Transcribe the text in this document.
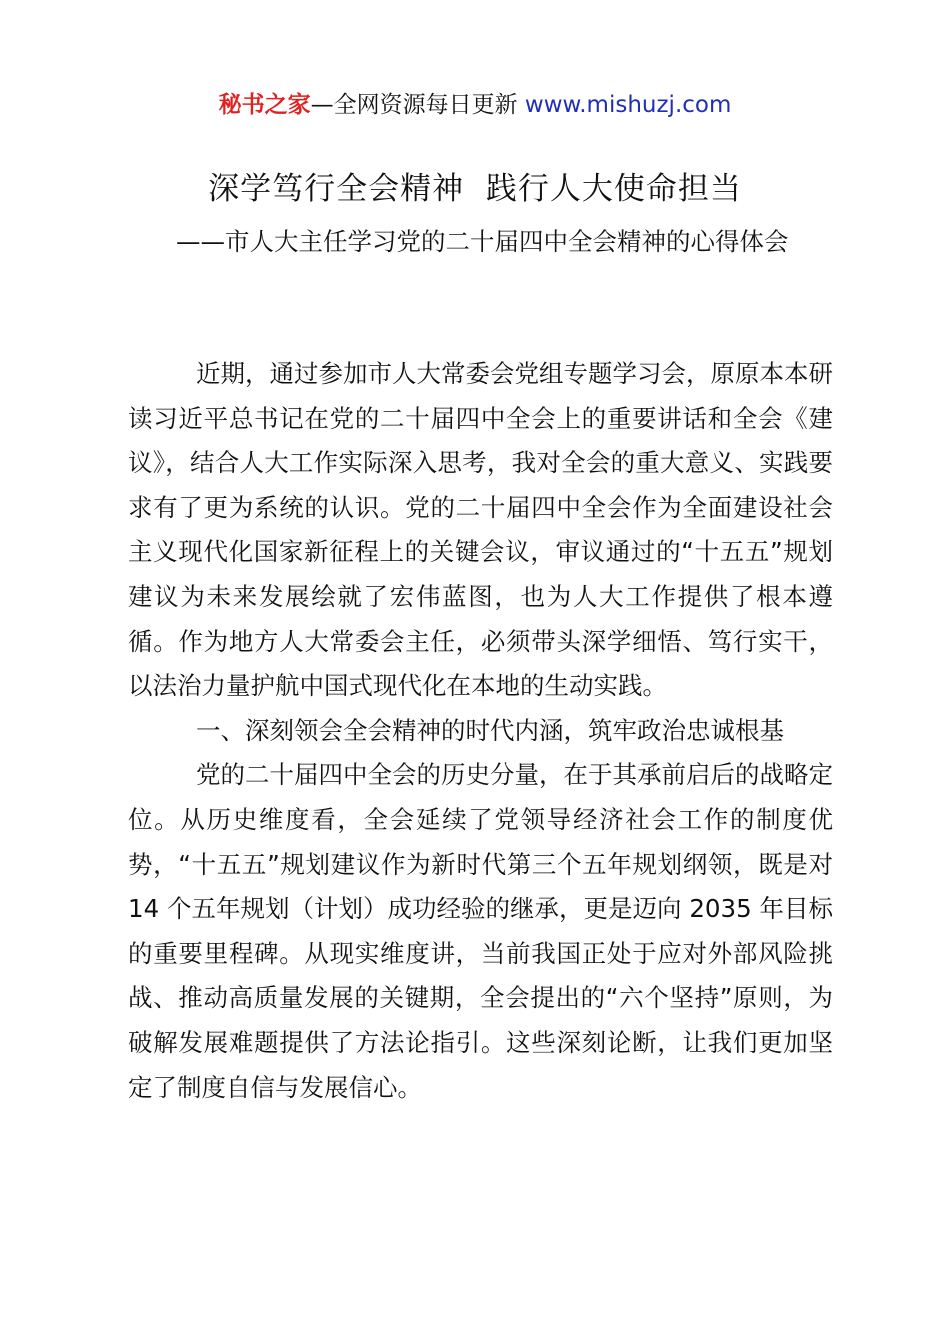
秘书之家—全网资源每日更新 www.mishuzj.com
深学笃行全会精神  践行人大使命担当
——市人大主任学习党的二十届四中全会精神的心得体会

近期，通过参加市人大常委会党组专题学习会，原原本本研读习近平总书记在党的二十届四中全会上的重要讲话和全会《建议》，结合人大工作实际深入思考，我对全会的重大意义、实践要求有了更为系统的认识。党的二十届四中全会作为全面建设社会主义现代化国家新征程上的关键会议，审议通过的“十五五”规划建议为未来发展绘就了宏伟蓝图，也为人大工作提供了根本遵循。作为地方人大常委会主任，必须带头深学细悟、笃行实干，以法治力量护航中国式现代化在本地的生动实践。

一、深刻领会全会精神的时代内涵，筑牢政治忠诚根基

党的二十届四中全会的历史分量，在于其承前启后的战略定位。从历史维度看，全会延续了党领导经济社会工作的制度优势，“十五五”规划建议作为新时代第三个五年规划纲领，既是对 14 个五年规划（计划）成功经验的继承，更是迈向 2035 年目标的重要里程碑。从现实维度讲，当前我国正处于应对外部风险挑战、推动高质量发展的关键期，全会提出的“六个坚持”原则，为破解发展难题提供了方法论指引。这些深刻论断，让我们更加坚定了制度自信与发展信心。
